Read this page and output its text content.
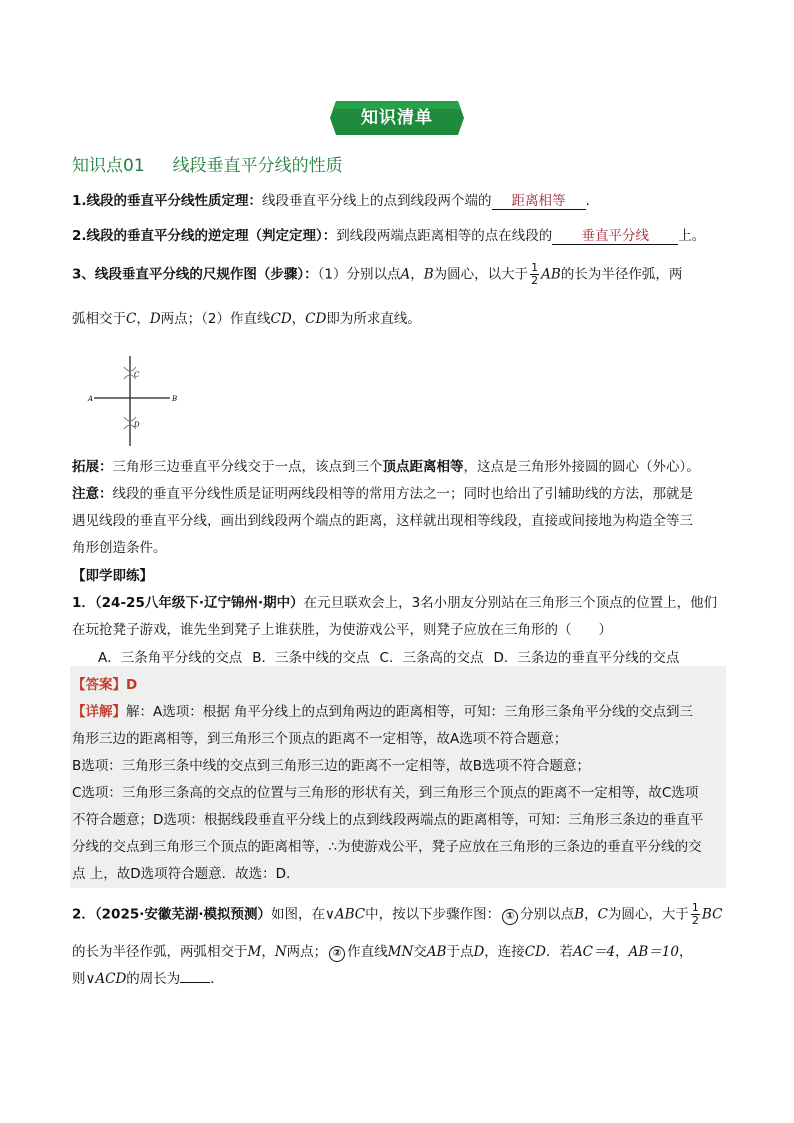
知识清单
知识点01 线段垂直平分线的性质
1.线段的垂直平分线性质定理：线段垂直平分线上的点到线段两个端的 距离相等 .
2.线段的垂直平分线的逆定理（判定定理）：到线段两端点距离相等的点在线段的 垂直平分线 上。
3、线段垂直平分线的尺规作图（步骤）：（1）分别以点A，B为圆心，以大于 $\frac{1}{2}$ AB的长为半径作弧，两
弧相交于C，D两点；（2）作直线CD，CD即为所求直线。
A	B
C
D
拓展：三角形三边垂直平分线交于一点，该点到三个顶点距离相等，这点是三角形外接圆的圆心（外心）。
注意：线段的垂直平分线性质是证明两线段相等的常用方法之一；同时也给出了引辅助线的方法，那就是
遇见线段的垂直平分线，画出到线段两个端点的距离，这样就出现相等线段，直接或间接地为构造全等三
角形创造条件。
【即学即练】
1．（24-25八年级下·辽宁锦州·期中）在元旦联欢会上，3名小朋友分别站在三角形三个顶点的位置上，他们
在玩抢凳子游戏，谁先坐到凳子上谁获胜，为使游戏公平，则凳子应放在三角形的（　　）
A．三条角平分线的交点 B．三条中线的交点 C．三条高的交点 D．三条边的垂直平分线的交点
【答案】D
【详解】解：A选项：根据 角平分线上的点到角两边的距离相等，可知：三角形三条角平分线的交点到三
角形三边的距离相等，到三角形三个顶点的距离不一定相等，故A选项不符合题意；
B选项：三角形三条中线的交点到三角形三边的距离不一定相等，故B选项不符合题意；
C选项：三角形三条高的交点的位置与三角形的形状有关，到三角形三个顶点的距离不一定相等，故C选项
不符合题意；D选项：根据线段垂直平分线上的点到线段两端点的距离相等，可知：三角形三条边的垂直平
分线的交点到三角形三个顶点的距离相等，∴为使游戏公平，凳子应放在三角形的三条边的垂直平分线的交
点 上，故D选项符合题意．故选：D．
2．（2025·安徽芜湖·模拟预测）如图，在∨ABC中，按以下步骤作图： ① 分别以点B，C为圆心，大于 $\frac{1}{2}$ BC
的长为半径作弧，两弧相交于M，N两点； ② 作直线MN交AB于点D，连接CD．若AC＝4，AB＝10，
则∨ACD的周长为 ．
